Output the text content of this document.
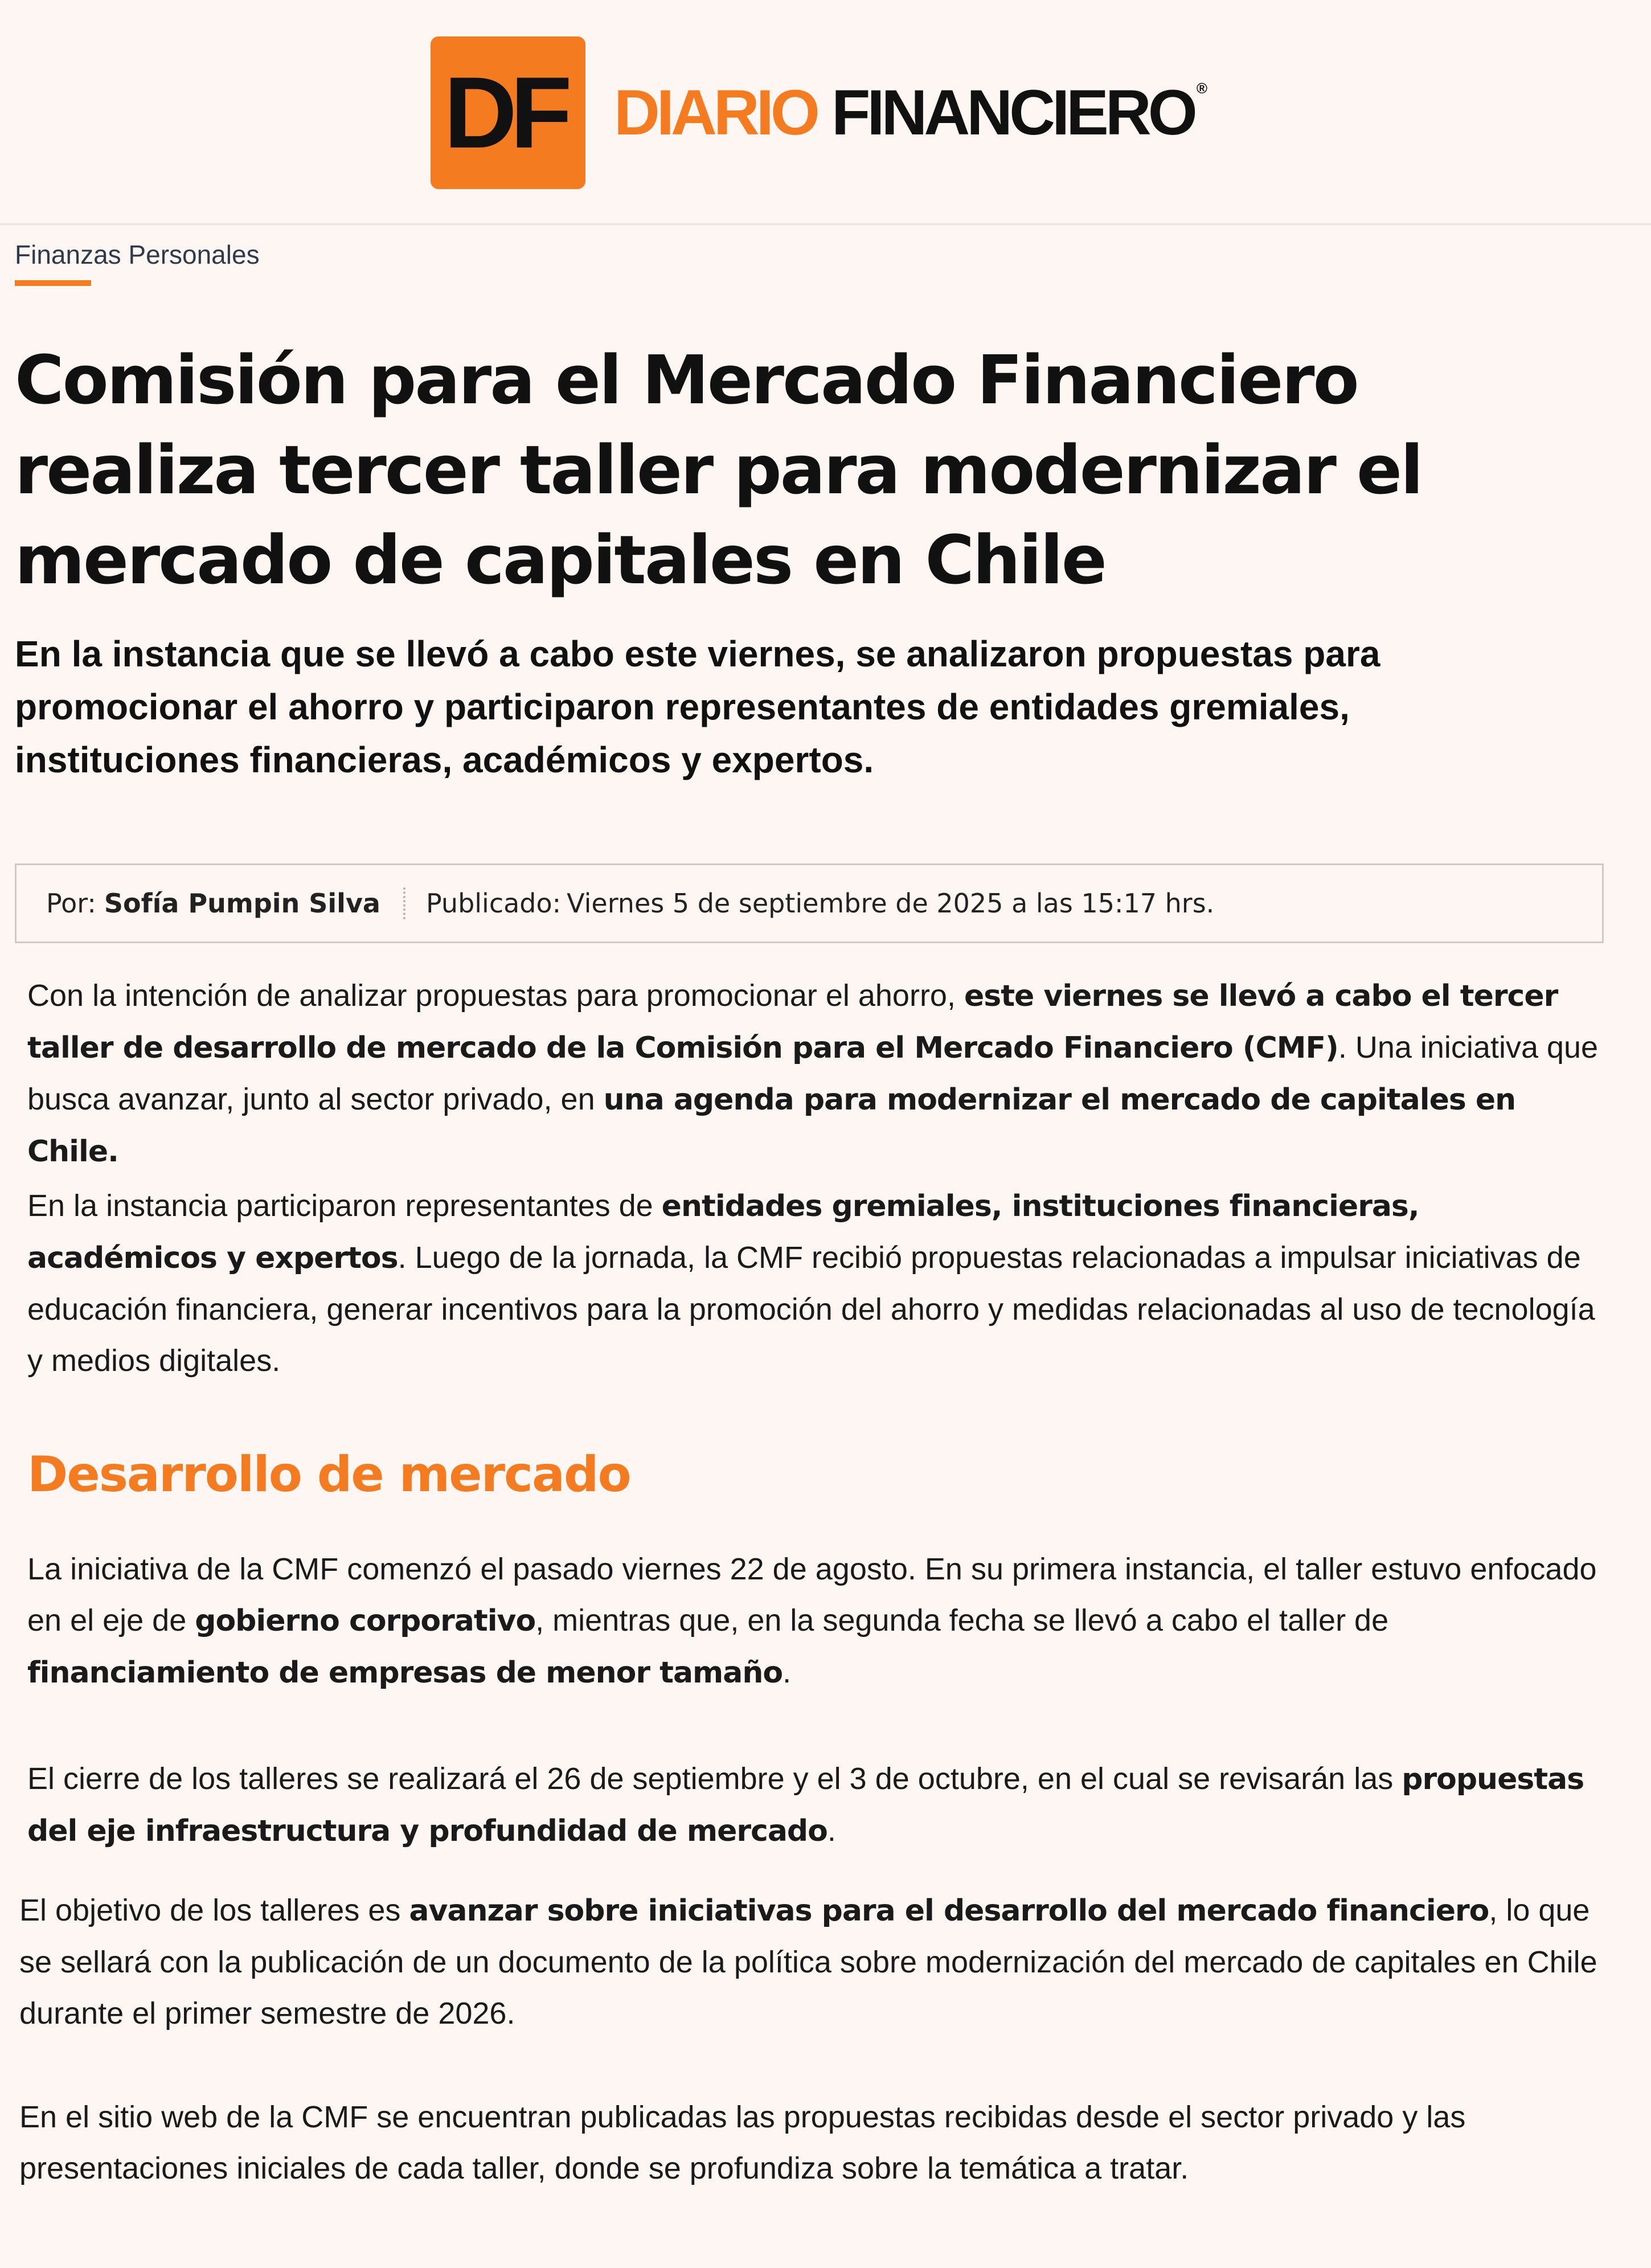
DF DIARIO FINANCIERO ®
Finanzas Personales
Comisión para el Mercado Financiero realiza tercer taller para modernizar el mercado de capitales en Chile
En la instancia que se llevó a cabo este viernes, se analizaron propuestas para promocionar el ahorro y participaron representantes de entidades gremiales, instituciones financieras, académicos y expertos.
Por: Sofía Pumpin Silva Publicado: Viernes 5 de septiembre de 2025 a las 15:17 hrs.

Con la intención de analizar propuestas para promocionar el ahorro, este viernes se llevó a cabo el tercer taller de desarrollo de mercado de la Comisión para el Mercado Financiero (CMF). Una iniciativa que busca avanzar, junto al sector privado, en una agenda para modernizar el mercado de capitales en Chile.

En la instancia participaron representantes de entidades gremiales, instituciones financieras, académicos y expertos. Luego de la jornada, la CMF recibió propuestas relacionadas a impulsar iniciativas de educación financiera, generar incentivos para la promoción del ahorro y medidas relacionadas al uso de tecnología y medios digitales.

Desarrollo de mercado

La iniciativa de la CMF comenzó el pasado viernes 22 de agosto. En su primera instancia, el taller estuvo enfocado en el eje de gobierno corporativo, mientras que, en la segunda fecha se llevó a cabo el taller de financiamiento de empresas de menor tamaño.

El cierre de los talleres se realizará el 26 de septiembre y el 3 de octubre, en el cual se revisarán las propuestas del eje infraestructura y profundidad de mercado.

El objetivo de los talleres es avanzar sobre iniciativas para el desarrollo del mercado financiero, lo que se sellará con la publicación de un documento de la política sobre modernización del mercado de capitales en Chile durante el primer semestre de 2026.

En el sitio web de la CMF se encuentran publicadas las propuestas recibidas desde el sector privado y las presentaciones iniciales de cada taller, donde se profundiza sobre la temática a tratar.
